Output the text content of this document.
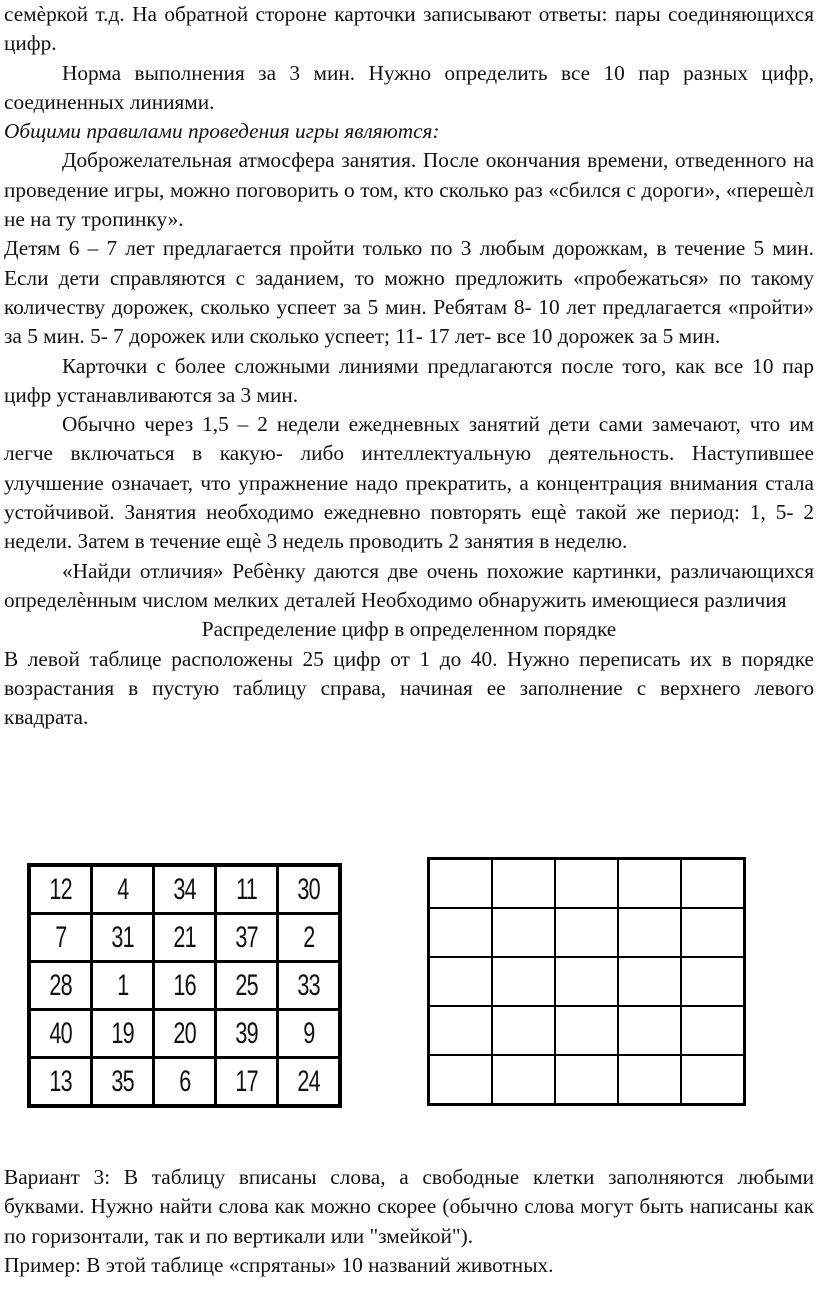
семѐркой т.д. На обратной стороне карточки записывают ответы: пары соединяющихся цифр.

Норма выполнения за 3 мин. Нужно определить все 10 пар разных цифр, соединенных линиями.

Общими правилами проведения игры являются:

Доброжелательная атмосфера занятия. После окончания времени, отведенного на проведение игры, можно поговорить о том, кто сколько раз «сбился с дороги», «перешѐл не на ту тропинку».

Детям 6 – 7 лет предлагается пройти только по 3 любым дорожкам, в течение 5 мин. Если дети справляются с заданием, то можно предложить «пробежаться» по такому количеству дорожек, сколько успеет за 5 мин. Ребятам 8- 10 лет предлагается «пройти» за 5 мин. 5- 7 дорожек или сколько успеет; 11- 17 лет- все 10 дорожек за 5 мин.

Карточки с более сложными линиями предлагаются после того, как все 10 пар цифр устанавливаются за 3 мин.

Обычно через 1,5 – 2 недели ежедневных занятий дети сами замечают, что им легче включаться в какую- либо интеллектуальную деятельность. Наступившее улучшение означает, что упражнение надо прекратить, а концентрация внимания стала устойчивой. Занятия необходимо ежедневно повторять ещѐ такой же период: 1, 5- 2 недели. Затем в течение ещѐ 3 недель проводить 2 занятия в неделю.

«Найди отличия» Ребѐнку даются две очень похожие картинки, различающихся определѐнным числом мелких деталей Необходимо обнаружить имеющиеся различия

Распределение цифр в определенном порядке

В левой таблице расположены 25 цифр от 1 до 40. Нужно переписать их в порядке возрастания в пустую таблицу справа, начиная ее заполнение с верхнего левого квадрата.

12	4	34	11	30
7	31	21	37	2
28	1	16	25	33
40	19	20	39	9
13	35	6	17	24

Вариант 3: В таблицу вписаны слова, а свободные клетки заполняются любыми буквами. Нужно найти слова как можно скорее (обычно слова могут быть написаны как по горизонтали, так и по вертикали или "змейкой").

Пример: В этой таблице «спрятаны» 10 названий животных.
